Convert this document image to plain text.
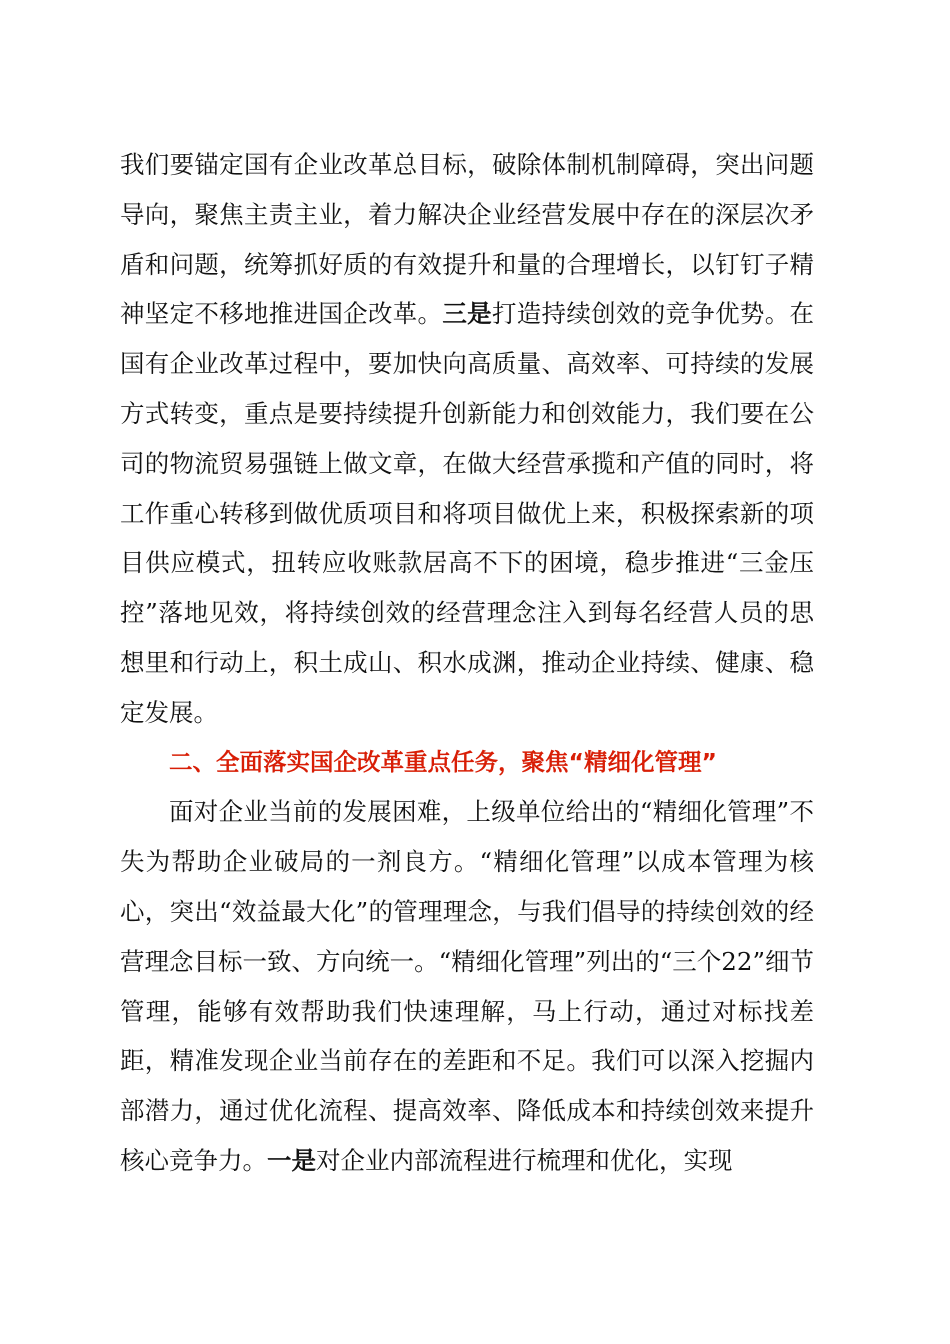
我们要锚定国有企业改革总目标，破除体制机制障碍，突出问题导向，聚焦主责主业，着力解决企业经营发展中存在的深层次矛盾和问题，统筹抓好质的有效提升和量的合理增长，以钉钉子精神坚定不移地推进国企改革。三是打造持续创效的竞争优势。在国有企业改革过程中，要加快向高质量、高效率、可持续的发展方式转变，重点是要持续提升创新能力和创效能力，我们要在公司的物流贸易强链上做文章，在做大经营承揽和产值的同时，将工作重心转移到做优质项目和将项目做优上来，积极探索新的项目供应模式，扭转应收账款居高不下的困境，稳步推进“三金压控”落地见效，将持续创效的经营理念注入到每名经营人员的思想里和行动上，积土成山、积水成渊，推动企业持续、健康、稳定发展。

二、全面落实国企改革重点任务，聚焦“精细化管理”

面对企业当前的发展困难，上级单位给出的“精细化管理”不失为帮助企业破局的一剂良方。“精细化管理”以成本管理为核心，突出“效益最大化”的管理理念，与我们倡导的持续创效的经营理念目标一致、方向统一。“精细化管理”列出的“三个22”细节管理，能够有效帮助我们快速理解，马上行动，通过对标找差距，精准发现企业当前存在的差距和不足。我们可以深入挖掘内部潜力，通过优化流程、提高效率、降低成本和持续创效来提升核心竞争力。一是对企业内部流程进行梳理和优化，实现
